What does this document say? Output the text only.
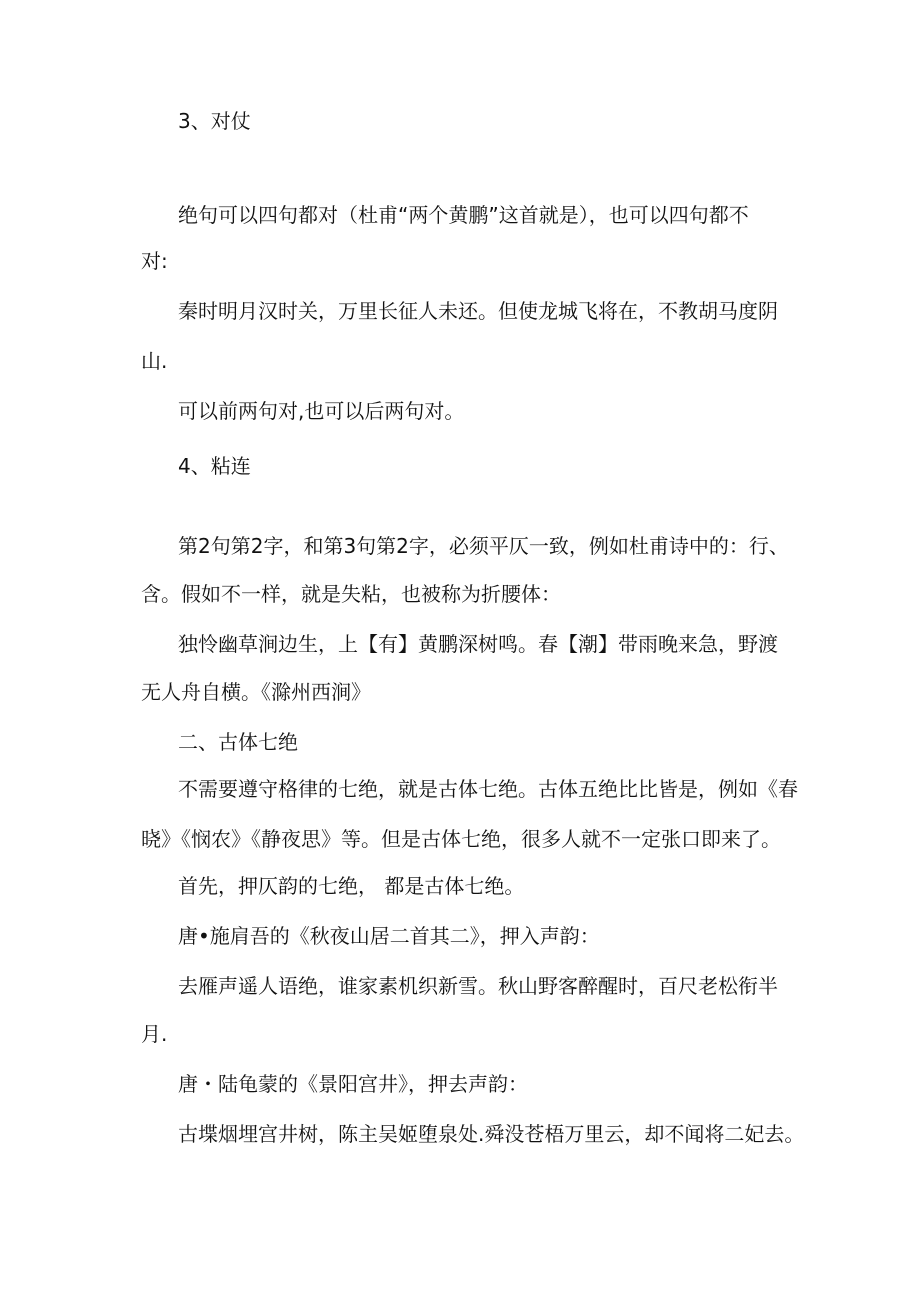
3、对仗

绝句可以四句都对（杜甫“两个黄鹏”这首就是），也可以四句都不

对:

秦时明月汉时关，万里长征人未还。但使龙城飞将在，不教胡马度阴

山.

可以前两句对,也可以后两句对。

4、粘连

第2句第2字，和第3句第2字，必须平仄一致，例如杜甫诗中的：行、

含。假如不一样，就是失粘，也被称为折腰体：

独怜幽草涧边生，上【有】黄鹏深树鸣。春【潮】带雨晚来急，野渡

无人舟自横。《滁州西涧》

二、古体七绝

不需要遵守格律的七绝，就是古体七绝。古体五绝比比皆是，例如《春

晓》《悯农》《静夜思》等。但是古体七绝，很多人就不一定张口即来了。

首先，押仄韵的七绝， 都是古体七绝。

唐•施肩吾的《秋夜山居二首其二》，押入声韵：

去雁声遥人语绝，谁家素机织新雪。秋山野客醉醒时，百尺老松衔半

月.

唐・陆龟蒙的《景阳宫井》，押去声韵：

古堞烟埋宫井树，陈主吴姬堕泉处.舜没苍梧万里云，却不闻将二妃去。
